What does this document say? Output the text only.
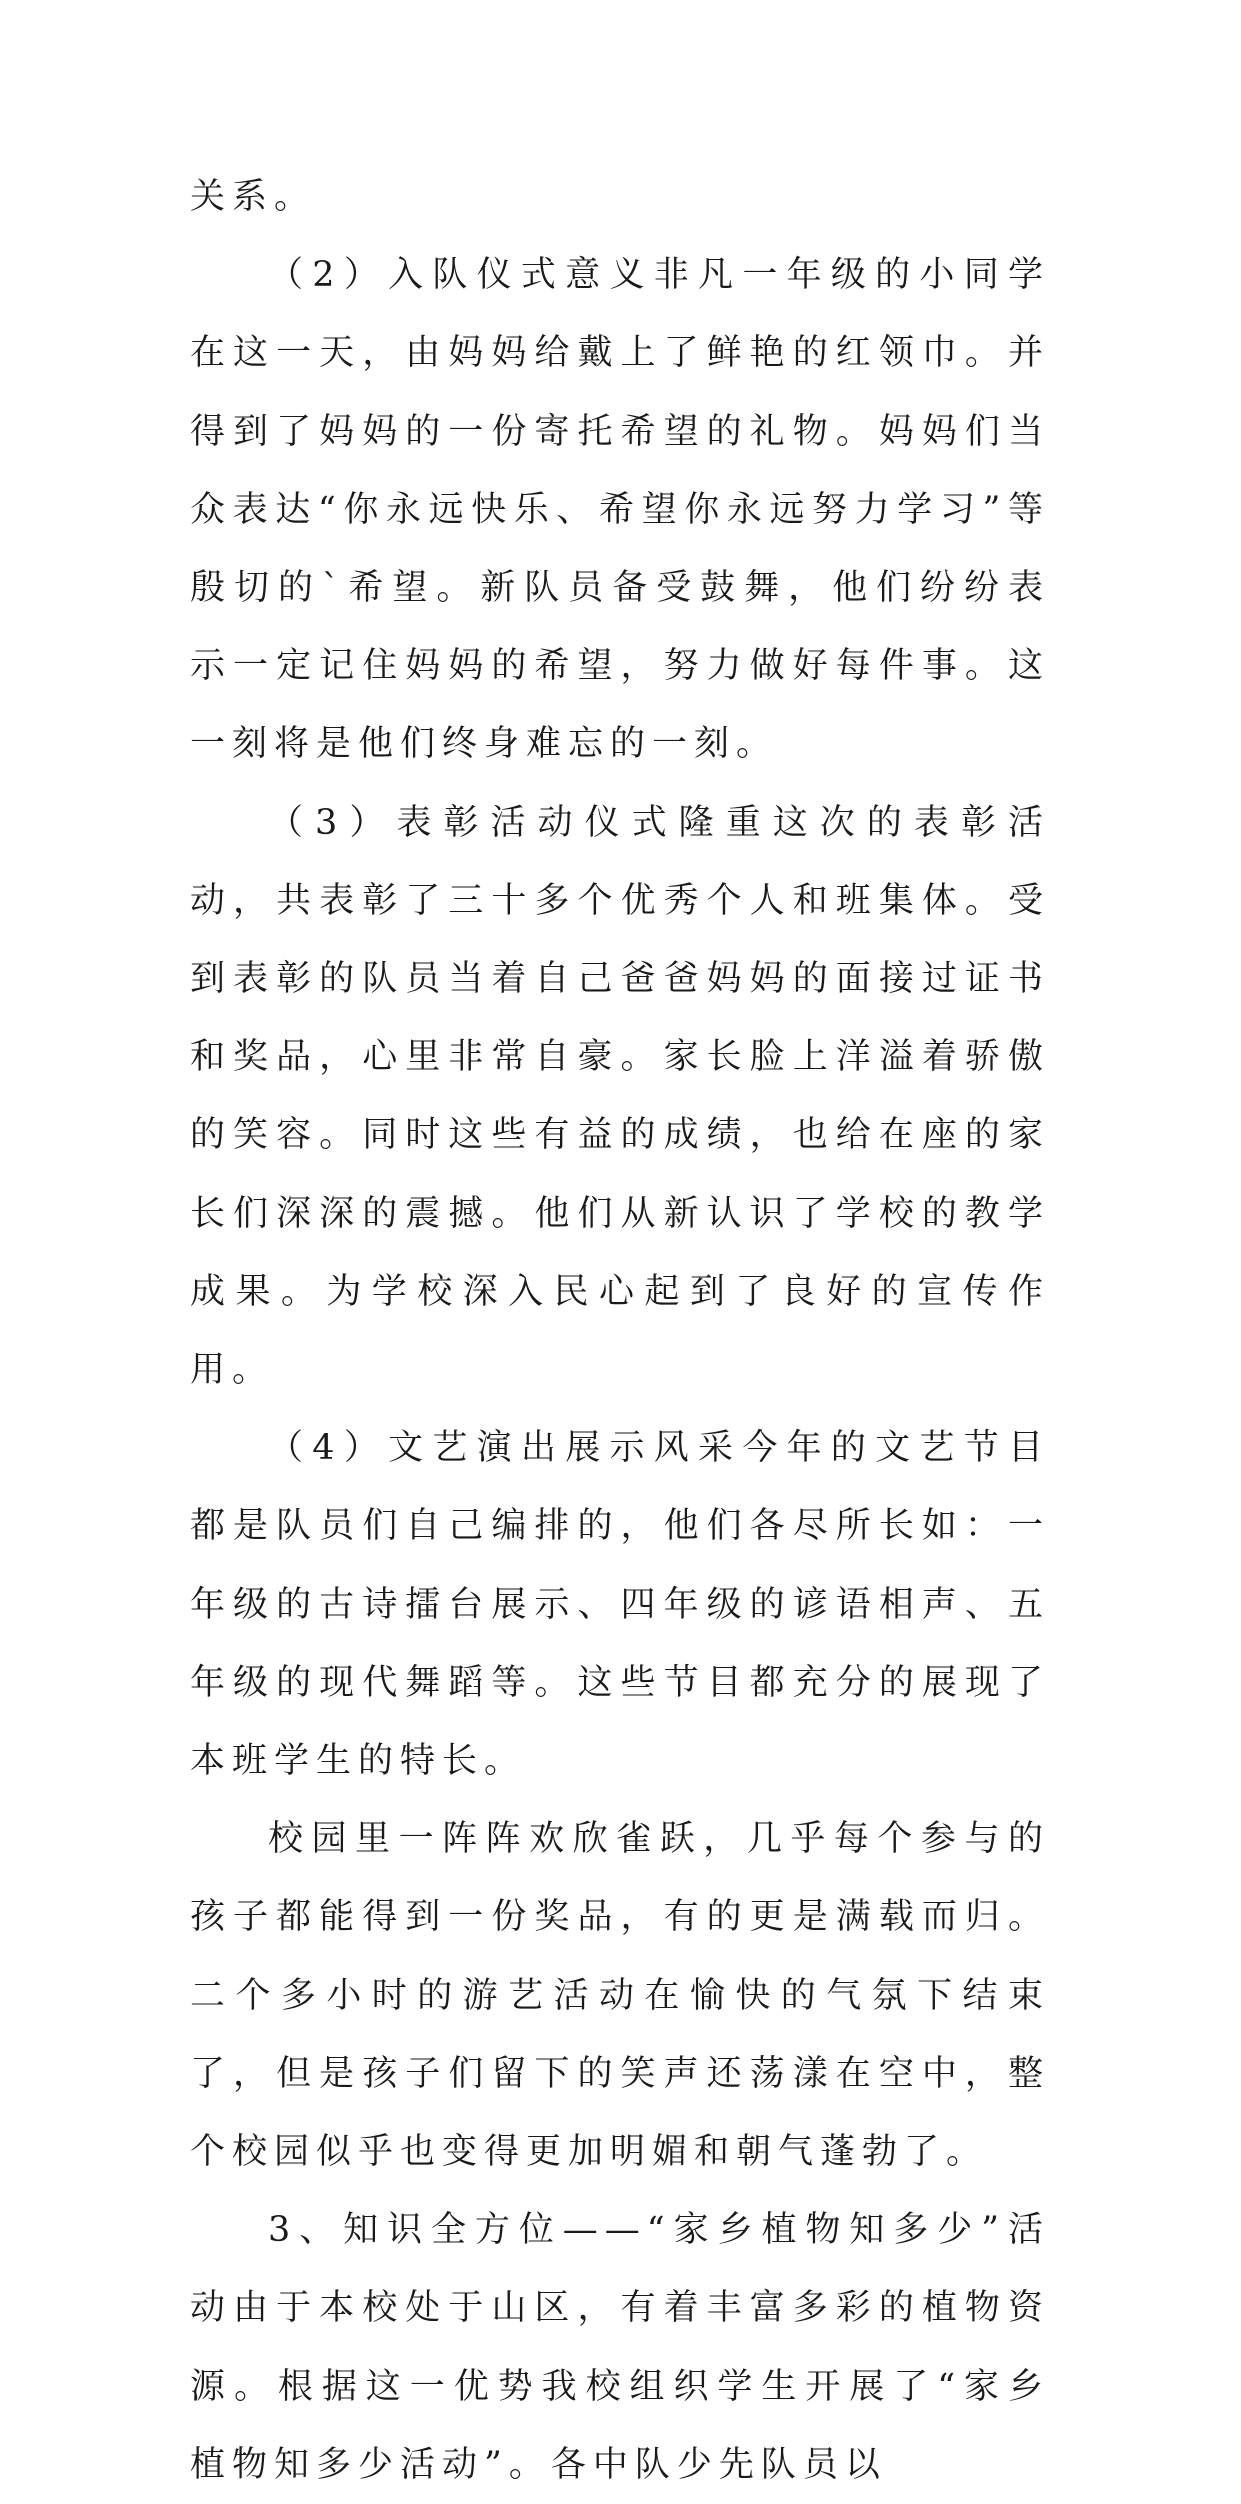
关系。

（2）入队仪式意义非凡一年级的小同学在这一天，由妈妈给戴上了鲜艳的红领巾。并得到了妈妈的一份寄托希望的礼物。妈妈们当众表达“你永远快乐、希望你永远努力学习”等殷切的`希望。新队员备受鼓舞，他们纷纷表示一定记住妈妈的希望，努力做好每件事。这一刻将是他们终身难忘的一刻。

（3）表彰活动仪式隆重这次的表彰活动，共表彰了三十多个优秀个人和班集体。受到表彰的队员当着自己爸爸妈妈的面接过证书和奖品，心里非常自豪。家长脸上洋溢着骄傲的笑容。同时这些有益的成绩，也给在座的家长们深深的震撼。他们从新认识了学校的教学成果。为学校深入民心起到了良好的宣传作用。

（4）文艺演出展示风采今年的文艺节目都是队员们自己编排的，他们各尽所长如：一年级的古诗擂台展示、四年级的谚语相声、五年级的现代舞蹈等。这些节目都充分的展现了本班学生的特长。

校园里一阵阵欢欣雀跃，几乎每个参与的孩子都能得到一份奖品，有的更是满载而归。二个多小时的游艺活动在愉快的气氛下结束了，但是孩子们留下的笑声还荡漾在空中，整个校园似乎也变得更加明媚和朝气蓬勃了。

3、知识全方位——“家乡植物知多少”活动由于本校处于山区，有着丰富多彩的植物资源。根据这一优势我校组织学生开展了“家乡植物知多少活动”。各中队少先队员以
